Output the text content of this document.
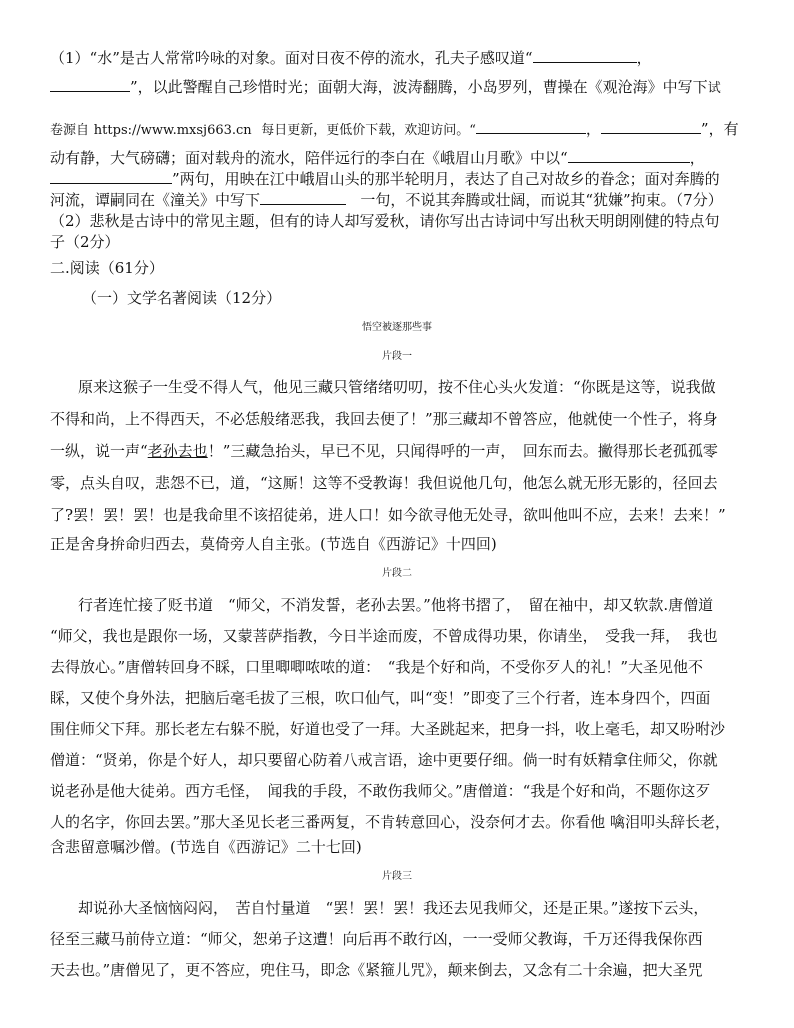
（1）“水”是古人常常吟咏的对象。面对日夜不停的流水，孔夫子感叹道“	，
”，以此警醒自己珍惜时光；面朝大海，波涛翻腾，小岛罗列，曹操在《观沧海》中写下试
卷源自 https://www.mxsj663.cn 每日更新，更低价下载，欢迎访问。“	，	”，有
动有静，大气磅礴；面对载舟的流水，陪伴远行的李白在《峨眉山月歌》中以“	，
”两句，用映在江中峨眉山头的那半轮明月，表达了自己对故乡的眷念；面对奔腾的
河流，谭嗣同在《潼关》中写下	一句，不说其奔腾或壮阔，而说其“犹嫌”拘束。（7分）
（2）悲秋是古诗中的常见主题，但有的诗人却写爱秋，请你写出古诗词中写出秋天明朗刚健的特点句
子（2分）
二.阅读（61分）
（一）文学名著阅读（12分）
悟空被逐那些事
片段一
原来这猴子一生受不得人气，他见三藏只管绪绪叨叨，按不住心头火发道：“你既是这等，说我做
不得和尚，上不得西天，不必恁般绪恶我，我回去便了！”那三藏却不曾答应，他就使一个性子，将身
一纵，说一声“老孙去也！”三藏急抬头，早已不见，只闻得呼的一声，　回东而去。撇得那长老孤孤零
零，点头自叹，悲怨不已，道，“这厮！这等不受教诲！我但说他几句，他怎么就无形无影的，径回去
了?罢！罢！罢！也是我命里不该招徒弟，进人口！如今欲寻他无处寻，欲叫他叫不应，去来！去来！”
正是舍身拚命归西去，莫倚旁人自主张。(节选自《西游记》十四回)
片段二
行者连忙接了贬书道　“师父，不消发誓，老孙去罢。”他将书摺了，　留在袖中，却又软款.唐僧道
“师父，我也是跟你一场，又蒙菩萨指教，今日半途而废，不曾成得功果，你请坐，　受我一拜，　我也
去得放心。”唐僧转回身不睬，口里唧唧哝哝的道：　“我是个好和尚，不受你歹人的礼！”大圣见他不
睬，又使个身外法，把脑后毫毛拔了三根，吹口仙气，叫“变！”即变了三个行者，连本身四个，四面
围住师父下拜。那长老左右躲不脱，好道也受了一拜。大圣跳起来，把身一抖，收上毫毛，却又吩咐沙
僧道：“贤弟，你是个好人，却只要留心防着八戒言语，途中更要仔细。倘一时有妖精拿住师父，你就
说老孙是他大徒弟。西方毛怪，　闻我的手段，不敢伤我师父。”唐僧道：“我是个好和尚，不题你这歹
人的名字，你回去罢。”那大圣见长老三番两复，不肯转意回心，没奈何才去。你看他 噙泪叩头辞长老，
含悲留意嘱沙僧。(节选自《西游记》二十七回)
片段三
却说孙大圣恼恼闷闷，　苦自忖量道　“罢！罢！罢！我还去见我师父，还是正果。”遂按下云头，
径至三藏马前侍立道：“师父，恕弟子这遭！向后再不敢行凶，一一受师父教诲，千万还得我保你西
天去也。”唐僧见了，更不答应，兜住马，即念《紧箍儿咒》，颠来倒去，又念有二十余遍，把大圣咒
